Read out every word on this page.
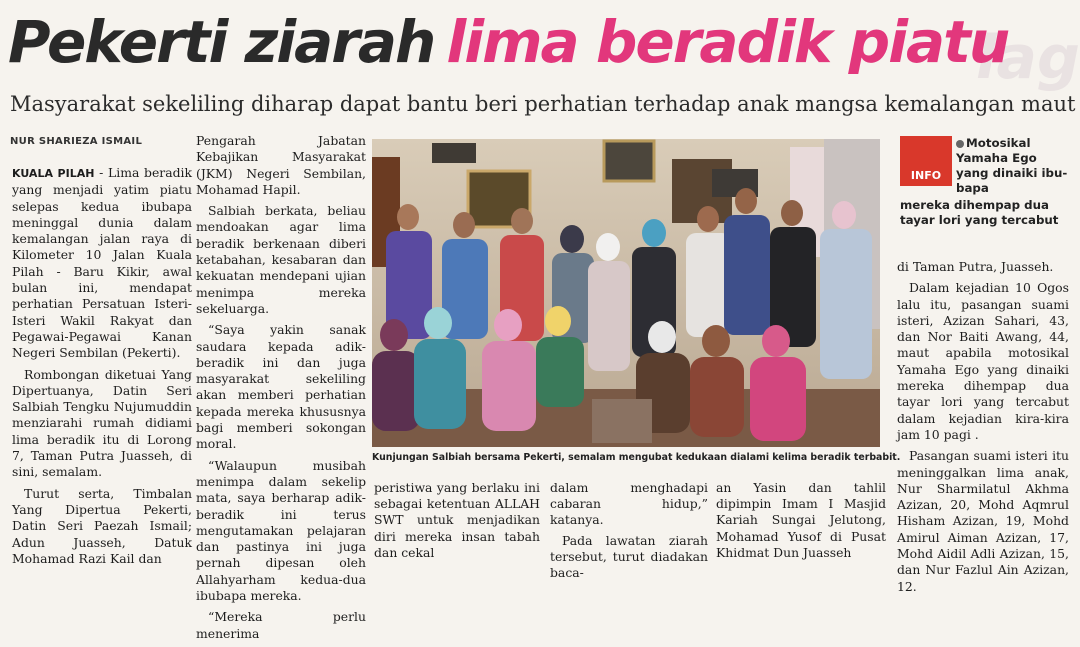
lag
Pekerti ziarah lima beradik piatu
Masyarakat sekeliling diharap dapat bantu beri perhatian terhadap anak mangsa kemalangan maut
NUR SHARIEZA ISMAIL

KUALA PILAH - Lima beradik yang menjadi yatim piatu selepas kedua ibubapa meninggal dunia dalam kemalangan jalan raya di Kilometer 10 Jalan Kuala Pilah - Baru Kikir, awal bulan ini, mendapat perhatian Persatuan Isteri-Isteri Wakil Rakyat dan Pegawai-Pegawai Kanan Negeri Sembilan (Pekerti).

Rombongan diketuai Yang Dipertuanya, Datin Seri Salbiah Tengku Nujumuddin menziarahi rumah didiami lima beradik itu di Lorong 7, Taman Putra Juasseh, di sini, semalam.

Turut serta, Timbalan Yang Dipertua Pekerti, Datin Seri Paezah Ismail; Adun Juasseh, Datuk Mohamad Razi Kail dan

Pengarah Jabatan Kebajikan Masyarakat (JKM) Negeri Sembilan, Mohamad Hapil.

Salbiah berkata, beliau mendoakan agar lima beradik berkenaan diberi ketabahan, kesabaran dan kekuatan mendepani ujian menimpa mereka sekeluarga.

“Saya yakin sanak saudara kepada adik-beradik ini dan juga masyarakat sekeliling akan memberi perhatian kepada mereka khususnya bagi memberi sokongan moral.

“Walaupun musibah menimpa dalam sekelip mata, saya berharap adik-beradik ini terus mengutamakan pelajaran dan pastinya ini juga pernah dipesan oleh Allahyarham kedua-dua ibubapa mereka.

“Mereka perlu menerima

Kunjungan Salbiah bersama Pekerti, semalam mengubat kedukaan dialami kelima beradik terbabit.

peristiwa yang berlaku ini sebagai ketentuan ALLAH SWT untuk menjadikan diri mereka insan tabah dan cekal

dalam menghadapi cabaran hidup,” katanya.

Pada lawatan ziarah tersebut, turut diadakan baca-

an Yasin dan tahlil dipimpin Imam I Masjid Kariah Sungai Jelutong, Mohamad Yusof di Pusat Khidmat Dun Juasseh

INFO
Motosikal Yamaha Ego yang dinaiki ibu-bapa
mereka dihempap dua tayar lori yang tercabut

di Taman Putra, Juasseh.

Dalam kejadian 10 Ogos lalu itu, pasangan suami isteri, Azizan Sahari, 43, dan Nor Baiti Awang, 44, maut apabila motosikal Yamaha Ego yang dinaiki mereka dihempap dua tayar lori yang tercabut dalam kejadian kira-kira jam 10 pagi .

Pasangan suami isteri itu meninggalkan lima anak, Nur Sharmilatul Akhma Azizan, 20, Mohd Aqmrul Hisham Azizan, 19, Mohd Amirul Aiman Azizan, 17, Mohd Aidil Adli Azizan, 15, dan Nur Fazlul Ain Azizan, 12.
